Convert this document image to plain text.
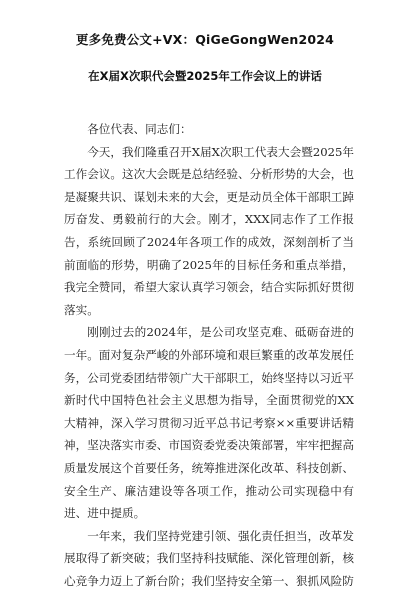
更多免费公文+VX：QiGeGongWen2024
在X届X次职代会暨2025年工作会议上的讲话

各位代表、同志们：

今天，我们隆重召开X届X次职工代表大会暨2025年工作会议。这次大会既是总结经验、分析形势的大会，也是凝聚共识、谋划未来的大会，更是动员全体干部职工踔厉奋发、勇毅前行的大会。刚才，XXX同志作了工作报告，系统回顾了2024年各项工作的成效，深刻剖析了当前面临的形势，明确了2025年的目标任务和重点举措，我完全赞同，希望大家认真学习领会，结合实际抓好贯彻落实。

刚刚过去的2024年，是公司攻坚克难、砥砺奋进的一年。面对复杂严峻的外部环境和艰巨繁重的改革发展任务，公司党委团结带领广大干部职工，始终坚持以习近平新时代中国特色社会主义思想为指导，全面贯彻党的XX大精神，深入学习贯彻习近平总书记考察××重要讲话精神，坚决落实市委、市国资委党委决策部署，牢牢把握高质量发展这个首要任务，统筹推进深化改革、科技创新、安全生产、廉洁建设等各项工作，推动公司实现稳中有进、进中提质。

一年来，我们坚持党建引领、强化责任担当，改革发展取得了新突破；我们坚持科技赋能、深化管理创新，核心竞争力迈上了新台阶；我们坚持安全第一、狠抓风险防
